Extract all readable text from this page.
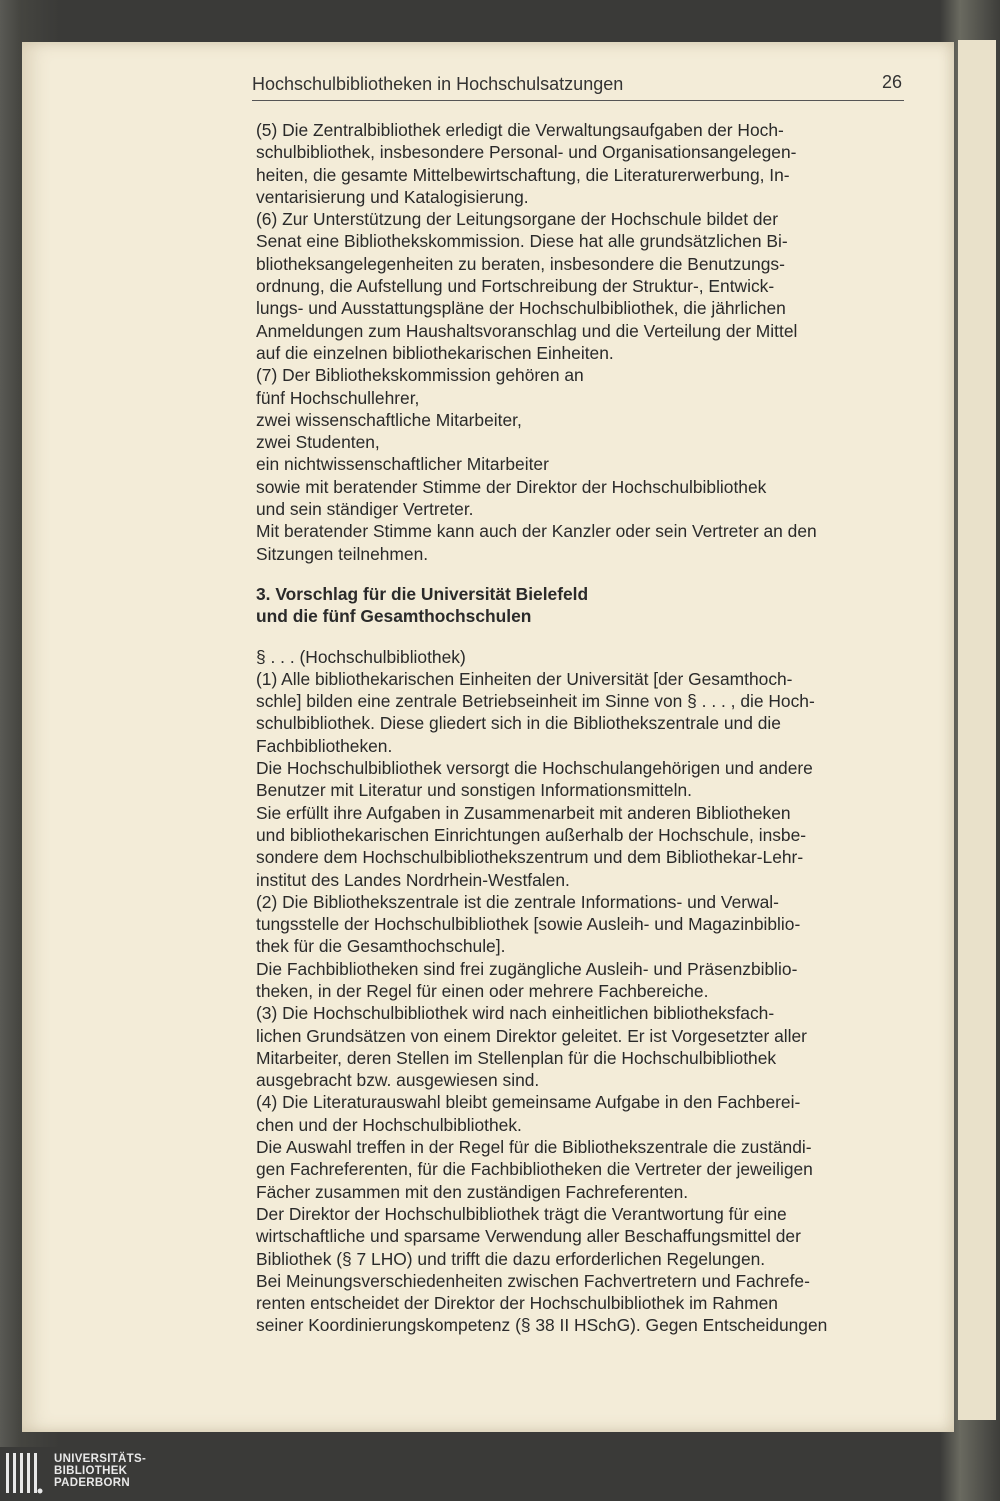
Hochschulbibliotheken in Hochschulsatzungen	26
(5) Die Zentralbibliothek erledigt die Verwaltungsaufgaben der Hoch-
schulbibliothek, insbesondere Personal- und Organisationsangelegen-
heiten, die gesamte Mittelbewirtschaftung, die Literaturerwerbung, In-
ventarisierung und Katalogisierung.
(6) Zur Unterstützung der Leitungsorgane der Hochschule bildet der
Senat eine Bibliothekskommission. Diese hat alle grundsätzlichen Bi-
bliotheksangelegenheiten zu beraten, insbesondere die Benutzungs-
ordnung, die Aufstellung und Fortschreibung der Struktur-, Entwick-
lungs- und Ausstattungspläne der Hochschulbibliothek, die jährlichen
Anmeldungen zum Haushaltsvoranschlag und die Verteilung der Mittel
auf die einzelnen bibliothekarischen Einheiten.
(7) Der Bibliothekskommission gehören an
fünf Hochschullehrer,
zwei wissenschaftliche Mitarbeiter,
zwei Studenten,
ein nichtwissenschaftlicher Mitarbeiter
sowie mit beratender Stimme der Direktor der Hochschulbibliothek
und sein ständiger Vertreter.
Mit beratender Stimme kann auch der Kanzler oder sein Vertreter an den
Sitzungen teilnehmen.
3. Vorschlag für die Universität Bielefeld
und die fünf Gesamthochschulen
§ . . . (Hochschulbibliothek)
(1) Alle bibliothekarischen Einheiten der Universität [der Gesamthoch-
schle] bilden eine zentrale Betriebseinheit im Sinne von § . . . , die Hoch-
schulbibliothek. Diese gliedert sich in die Bibliothekszentrale und die
Fachbibliotheken.
Die Hochschulbibliothek versorgt die Hochschulangehörigen und andere
Benutzer mit Literatur und sonstigen Informationsmitteln.
Sie erfüllt ihre Aufgaben in Zusammenarbeit mit anderen Bibliotheken
und bibliothekarischen Einrichtungen außerhalb der Hochschule, insbe-
sondere dem Hochschulbibliothekszentrum und dem Bibliothekar-Lehr-
institut des Landes Nordrhein-Westfalen.
(2) Die Bibliothekszentrale ist die zentrale Informations- und Verwal-
tungsstelle der Hochschulbibliothek [sowie Ausleih- und Magazinbiblio-
thek für die Gesamthochschule].
Die Fachbibliotheken sind frei zugängliche Ausleih- und Präsenzbiblio-
theken, in der Regel für einen oder mehrere Fachbereiche.
(3) Die Hochschulbibliothek wird nach einheitlichen bibliotheksfach-
lichen Grundsätzen von einem Direktor geleitet. Er ist Vorgesetzter aller
Mitarbeiter, deren Stellen im Stellenplan für die Hochschulbibliothek
ausgebracht bzw. ausgewiesen sind.
(4) Die Literaturauswahl bleibt gemeinsame Aufgabe in den Fachberei-
chen und der Hochschulbibliothek.
Die Auswahl treffen in der Regel für die Bibliothekszentrale die zuständi-
gen Fachreferenten, für die Fachbibliotheken die Vertreter der jeweiligen
Fächer zusammen mit den zuständigen Fachreferenten.
Der Direktor der Hochschulbibliothek trägt die Verantwortung für eine
wirtschaftliche und sparsame Verwendung aller Beschaffungsmittel der
Bibliothek (§ 7 LHO) und trifft die dazu erforderlichen Regelungen.
Bei Meinungsverschiedenheiten zwischen Fachvertretern und Fachrefe-
renten entscheidet der Direktor der Hochschulbibliothek im Rahmen
seiner Koordinierungskompetenz (§ 38 II HSchG). Gegen Entscheidungen
UNIVERSITÄTS-
BIBLIOTHEK
PADERBORN
